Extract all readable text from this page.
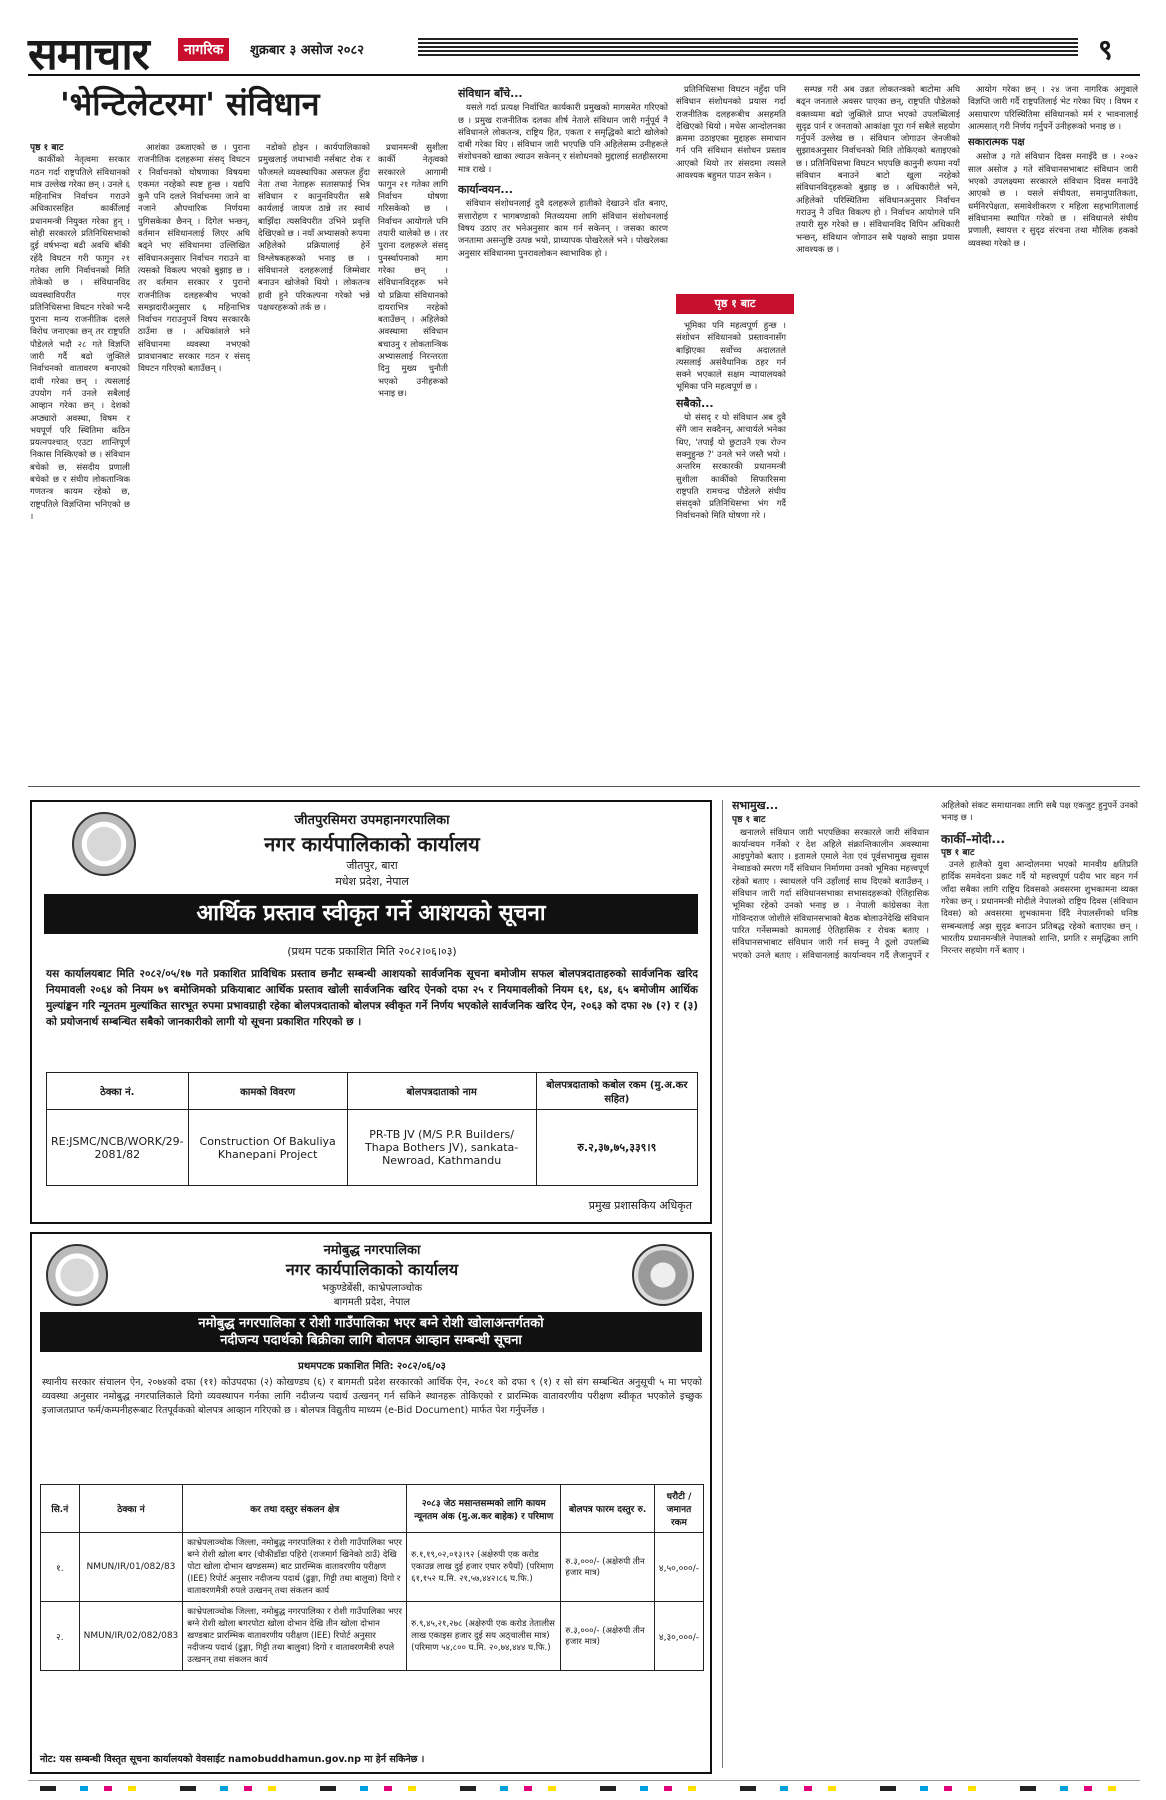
समाचार	नागरिक	शुक्रबार ३ असोज २०८२	९
'भेन्टिलेटरमा' संविधान
पृष्ठ १ बाट

कार्कीको नेतृत्वमा सरकार गठन गर्दा राष्ट्रपतिले संविधानको मात्र उल्लेख गरेका छन् । उनले ६ महिनाभित्र निर्वाचन गराउने अधिकारसहित कार्कीलाई प्रधानमन्त्री नियुक्त गरेका हुन् । सोही सरकारले प्रतिनिधिसभाको दुई वर्षभन्दा बढी अवधि बाँकी रहेंदै विघटन गरी फागुन २१ गतेका लागि निर्वाचनको मिति तोकेको छ । संविधानविद व्यवस्थाविपरीत गएर प्रतिनिधिसभा विघटन गरेको भन्दै पुराना मान्य राजनीतिक दलले विरोध जनाएका छन् तर राष्ट्रपति पौडेलले भदौ २८ गते विज्ञप्ति जारी गर्दै बढो जुक्तिले निर्वाचनको वातावरण बनाएको दावी गरेका छन् । त्यसलाई उपयोग गर्न उनले सबैलाई आव्हान गरेका छन् । देशको अप्ठ्यारो अवस्था, विषम र भयपूर्ण परि स्थितिमा कठिन प्रयत्नपश्चात् एउटा शान्तिपूर्ण निकास निस्किएको छ । संविधान बचेको छ, संसदीय प्रणाली बचेको छ र संघीय लोकतान्त्रिक गणतन्त्र कायम रहेको छ, राष्ट्रपतिले विज्ञप्तिमा भनिएको छ ।

आशंका उब्जाएको छ । पुराना राजनीतिक दलहरूमा संसद् विघटन र निर्वाचनको घोषणाका विषयमा एकमत नरहेको स्पष्ट हुन्छ । यद्यपि कुनै पनि दलले निर्वाचनमा जाने वा नजाने औपचारिक निर्णयमा पुगिसकेका छैनन् । दिगेल भन्छन्, वर्तमान संविधानलाई लिएर अघि बढ्ने भए संविधानमा उल्लिखित संविधानअनुसार निर्वाचन गराउने वा त्यसको विकल्प भएको बुझाइ छ । तर वर्तमान सरकार र पुरानो राजनीतिक दलहरूबीच भएको समझदारीअनुसार ६ महिनाभित्र निर्वाचन गराउनुपर्ने विषय सरकारकै ठाउँमा छ । अधिकांशले भने संविधानमा व्यवस्था नभएको प्रावधानबाट सरकार गठन र संसद् विघटन गरिएको बताउँछन् ।

नडोको होइन । कार्यपालिकाको प्रमुखलाई जथाभावी नर्सबाट रोक र फौजमले व्यवस्थापिका असफल हुँदा नेता तथा नेताहरू सतासफाई भित्र संविधान र कानुनविपरीत सबै कार्यलाई जायज ठान्ने तर स्वार्थ बाझिँदा त्यसविपरीत उभिने प्रवृत्ति देखिएको छ । नयाँ अभ्यासको रूपमा अहिलेको प्रक्रियालाई हेर्ने विश्लेषकहरूको भनाइ छ । संविधानले दलहरूलाई जिम्मेवार बनाउन खोजेको थियो । लोकतन्त्र हावी हुने परिकल्पना गरेको भन्ने पक्षधरहरूको तर्क छ ।

प्रधानमन्त्री सुशीला कार्की नेतृत्वको सरकारले आगामी फागुन २१ गतेका लागि निर्वाचन घोषणा गरिसकेको छ । निर्वाचन आयोगले पनि तयारी थालेको छ । तर पुराना दलहरूले संसद् पुनर्स्थापनाको माग गरेका छन् । संविधानविद्हरू भने यो प्रक्रिया संविधानको दायराभित्र नरहेको बताउँछन् । अहिलेको अवस्थामा संविधान बचाउनु र लोकतान्त्रिक अभ्यासलाई निरन्तरता दिनु मुख्य चुनौती भएको उनीहरूको भनाइ छ।

संविधान बाँचे...

यसले गर्दा प्रत्यक्ष निर्वाचित कार्यकारी प्रमुखको मागसमेत गरिएको छ । प्रमुख राजनीतिक दलका शीर्ष नेताले संविधान जारी गर्नुपूर्व नै संविधानले लोकतन्त्र, राष्ट्रिय हित, एकता र समृद्धिको बाटो खोलेको दाबी गरेका थिए । संविधान जारी भएपछि पनि अहिलेसम्म उनीहरूले संशोधनको खाका ल्याउन सकेनन् र संशोधनको मुद्दालाई सतहीस्तरमा मात्र राखे ।

कार्यान्वयन...

संविधान संशोधनलाई दुवै दलहरूले हातीको देखाउने दाँत बनाए, सत्तारोहण र भागबण्डाको मितव्ययमा लागि संविधान संशोधनलाई विषय उठाए तर भनेअनुसार काम गर्न सकेनन् । जसका कारण जनतामा असन्तुष्टि उत्पन्न भयो, प्राध्यापक पोखरेलले भने । पोखरेलका अनुसार संविधानमा पुनरावलोकन स्वाभाविक हो ।

प्रतिनिधिसभा विघटन नहुँदा पनि संविधान संशोधनको प्रयास गर्दा राजनीतिक दलहरूबीच असहमति देखिएको थियो । मधेस आन्दोलनका क्रममा उठाइएका मुद्दाहरू समाधान गर्न पनि संविधान संशोधन प्रस्ताव आएको थियो तर संसदमा त्यसले आवश्यक बहुमत पाउन सकेन ।

पृष्ठ १ बाट

भूमिका पनि महत्वपूर्ण हुन्छ । संशोधन संविधानको प्रस्तावनासँग बाझिएका सर्वोच्च अदालतले त्यसलाई असंवैधानिक ठहर गर्न सक्ने भएकाले सक्षम न्यायालयको भूमिका पनि महत्वपूर्ण छ ।

सबैको...

यो संसद् र यो संविधान अब दुवै सँगै जान सक्दैनन्, आचार्यले भनेका थिए, 'तपाईं यो छुटाउनै एक रोज्न सक्नुहुन्छ ?' उनले भने जस्तै भयो । अन्तरिम सरकारकी प्रधानमन्त्री सुशीला कार्कीको सिफारिसमा राष्ट्रपति रामचन्द्र पौडेलले संघीय संसद्को प्रतिनिधिसभा भंग गर्दै निर्वाचनको मिति घोषणा गरे ।

सम्पन्न गरी अब उन्नत लोकतन्त्रको बाटोमा अघि बढ्न जनताले अवसर पाएका छन्, राष्ट्रपति पौडेलको वक्तव्यमा बढो जुक्तिले प्राप्त भएको उपलब्धिलाई सुदृढ पार्न र जनताको आकांक्षा पूरा गर्न सबैले सहयोग गर्नुपर्ने उल्लेख छ । संविधान जोगाउन जेनजीको सुझावअनुसार निर्वाचनको मिति तोकिएको बताइएको छ । प्रतिनिधिसभा विघटन भएपछि कानुनी रूपमा नयाँ संविधान बनाउने बाटो खुला नरहेको संविधानविद्हरूको बुझाइ छ । अधिकारीले भने, अहिलेको परिस्थितिमा संविधानअनुसार निर्वाचन गराउनु नै उचित विकल्प हो । निर्वाचन आयोगले पनि तयारी सुरु गरेको छ । संविधानविद विपिन अधिकारी भन्छन्, संविधान जोगाउन सबै पक्षको साझा प्रयास आवश्यक छ ।

आयोग गरेका छन् । २४ जना नागरिक अगुवाले विज्ञप्ति जारी गर्दै राष्ट्रपतिलाई भेट गरेका थिए । विषम र असाधारण परिस्थितिमा संविधानको मर्म र भावनालाई आत्मसात् गरी निर्णय गर्नुपर्ने उनीहरूको भनाइ छ ।

सकारात्मक पक्ष

असोज ३ गते संविधान दिवस मनाइँदै छ । २०७२ साल असोज ३ गते संविधानसभाबाट संविधान जारी भएको उपलक्ष्यमा सरकारले संविधान दिवस मनाउँदै आएको छ । यसले संघीयता, समानुपातिकता, धर्मनिरपेक्षता, समावेशीकरण र महिला सहभागितालाई संविधानमा स्थापित गरेको छ । संविधानले संघीय प्रणाली, स्वायत्त र सुदृढ संरचना तथा मौलिक हकको व्यवस्था गरेको छ ।

जीतपुरसिमरा उपमहानगरपालिका
नगर कार्यपालिकाको कार्यालय
जीतपुर, बारा
मधेश प्रदेश, नेपाल
आर्थिक प्रस्ताव स्वीकृत गर्ने आशयको सूचना
(प्रथम पटक प्रकाशित मिति २०८२।०६।०३)
यस कार्यालयबाट मिति २०८२/०५/१७ गते प्रकाशित प्राविधिक प्रस्ताव छनौट सम्बन्धी आशयको सार्वजनिक सूचना बमोजीम सफल बोलपत्रदाताहरुको सार्वजनिक खरिद नियमावली २०६४ को नियम ७९ बमोजिमको प्रकियाबाट आर्थिक प्रस्ताव खोली सार्वजनिक खरिद ऐनको दफा २५ र नियमावलीको नियम ६१, ६४, ६५ बमोजीम आर्थिक मुल्यांङ्कन गरि न्यूनतम मुल्यांकित सारभूत रुपमा प्रभावग्राही रहेका बोलपत्रदाताको बोलपत्र स्वीकृत गर्ने निर्णय भएकोले सार्वजनिक खरिद ऐन, २०६३ को दफा २७ (२) र (३) को प्रयोजनार्थ सम्बन्धित सबैको जानकारीको लागी यो सूचना प्रकाशित गरिएको छ ।
ठेक्का नं.	कामको विवरण	बोलपत्रदाताको नाम	बोलपत्रदाताको कबोल रकम (मु.अ.कर सहित)
RE:JSMC/NCB/WORK/29-2081/82	Construction Of Bakuliya Khanepani Project	PR-TB JV (M/S P.R Builders/ Thapa Bothers JV), sankata-Newroad, Kathmandu	रु.२,३७,७५,३३९।९
प्रमुख प्रशासकिय अधिकृत
नमोबुद्ध नगरपालिका
नगर कार्यपालिकाको कार्यालय
भकुण्डेबेंसी, काभ्रेपलाञ्चोक
बागमती प्रदेश, नेपाल
नमोबुद्ध नगरपालिका र रोशी गाउँपालिका भएर बग्ने रोशी खोलाअन्तर्गतको
नदीजन्य पदार्थको बिक्रीका लागि बोलपत्र आव्हान सम्बन्धी सूचना
प्रथमपटक प्रकाशित मिति: २०८२/०६/०३
स्थानीय सरकार संचालन ऐन, २०७४को दफा (११) कोउपदफा (२) कोखण्डघ (६) र बागमती प्रदेश सरकारको आर्थिक ऐन, २०८१ को दफा ९ (१) र सो संग सम्बन्धित अनुसूची ५ मा भएको व्यवस्था अनुसार नमोबुद्ध नगरपालिकाले दिगो व्यवस्थापन गर्नका लागि नदीजन्य पदार्थ उत्खनन् गर्न सकिने स्थानहरू तोकिएको र प्रारम्भिक वातावरणीय परीक्षण स्वीकृत भएकोले इच्छुक इजाजतप्राप्त फर्म/कम्पनीहरूबाट रितपूर्वकको बोलपत्र आव्हान गरिएको छ । बोलपत्र विद्युतीय माध्यम (e-Bid Document) मार्फत पेश गर्नुपर्नेछ ।
सि.नं	ठेक्का नं	कर तथा दस्तुर संकलन क्षेत्र	२०८३ जेठ मसान्तसम्मको लागि कायम न्यूनतम अंक (मु.अ.कर बाहेक) र परिमाण	बोलपत्र फारम दस्तुर रु.	धरौटी / जमानत रकम
१.	NMUN/IR/01/082/83	काभ्रेपलाञ्चोक जिल्ला, नमोबुद्ध नगरपालिका र रोशी गाउँपालिका भएर बग्ने रोशी खोला बगर (चौकीडाँडा पहिरो (राजमार्ग खिनेको ठाउँ) देखि पोटा खोला दोभान खण्डसम्म) बाट प्रारम्भिक वातावरणीय परीक्षण (IEE) रिपोर्ट अनुसार नदीजन्य पदार्थ (ढुङ्गा, गिट्टी तथा बालुवा) दिगो र वातावरणमैत्री रुपले उत्खनन् तथा संकलन कार्य	रु.१,१९,०२,०१३।९२ (अक्षेरुपी एक करोड एकाउन्न लाख दुई हजार एघार रुपैयाँ) (परिमाण ६१,१५२ घ.मि. २१,५७,४४२।८६ घ.फि.)	रु.३,०००/- (अक्षेरुपी तीन हजार मात्र)	४,५०,०००/-
२.	NMUN/IR/02/082/083	काभ्रेपलाञ्चोक जिल्ला, नमोबुद्ध नगरपालिका र रोशी गाउँपालिका भएर बग्ने रोशी खोला बगरपोटा खोला दोभान देखि तीन खोला दोभान खण्डबाट प्रारम्भिक वातावरणीय परीक्षण (IEE) रिपोर्ट अनुसार नदीजन्य पदार्थ (ढुङ्गा, गिट्टी तथा बालुवा) दिगो र वातावरणमैत्री रुपले उत्खनन् तथा संकलन कार्य	रु.९,४५,२१,२७८ (अक्षेरुपी एक करोड तेतालीस लाख एकाइस हजार दुई सय अठ्चालीस मात्र) (परिमाण ५४,८०० घ.मि. २०,७४,४४४ घ.फि.)	रु.३,०००/- (अक्षेरुपी तीन हजार मात्र)	४,३०,०००/-
नोट: यस सम्बन्धी विस्तृत सूचना कार्यालयको वेवसाईट namobuddhamun.gov.np मा हेर्न सकिनेछ ।
सभामुख...
पृष्ठ १ बाट

खनालले संविधान जारी भएपछिका सरकारले जारी संविधान कार्यान्वयन गर्नेको र देश अहिले संक्रान्तिकालीन अवस्थामा आइपुगेको बताए । इतामले एमाले नेता एवं पूर्वसभामुख सुवास नेम्वाङको स्मरण गर्दै संविधान निर्माणमा उनको भूमिका महत्त्वपूर्ण रहेको बताए । स्वाधलले पनि उहाँलाई साथ दिएको बताउँछन् । संविधान जारी गर्दा संविधानसभाका सभासदहरूको ऐतिहासिक भूमिका रहेको उनको भनाइ छ । नेपाली कांग्रेसका नेता गोविन्दराज जोशीले संविधानसभाको बैठक बोलाउनेदेखि संविधान पारित गर्नेसम्मको कामलाई ऐतिहासिक र रोचक बताए । संविधानसभाबाट संविधान जारी गर्न सक्नु नै ठूलो उपलब्धि भएको उनले बताए । संविधानलाई कार्यान्वयन गर्दै लैजानुपर्ने र अहिलेको संकट समाधानका लागि सबै पक्ष एकजुट हुनुपर्ने उनको भनाइ छ ।

कार्की–मोदी...
पृष्ठ १ बाट

उनले हालैको युवा आन्दोलनमा भएको मानवीय क्षतिप्रति हार्दिक समवेदना प्रकट गर्दै यो महत्त्वपूर्ण पदीय भार वहन गर्न जाँदा सबैका लागि राष्ट्रिय दिवसको अवसरमा शुभकामना व्यक्त गरेका छन् । प्रधानमन्त्री मोदीले नेपालको राष्ट्रिय दिवस (संविधान दिवस) को अवसरमा शुभकामना दिँदै नेपालसँगको घनिष्ठ सम्बन्धलाई अझ सुदृढ बनाउन प्रतिबद्ध रहेको बताएका छन् । भारतीय प्रधानमन्त्रीले नेपालको शान्ति, प्रगति र समृद्धिका लागि निरन्तर सहयोग गर्ने बताए ।
